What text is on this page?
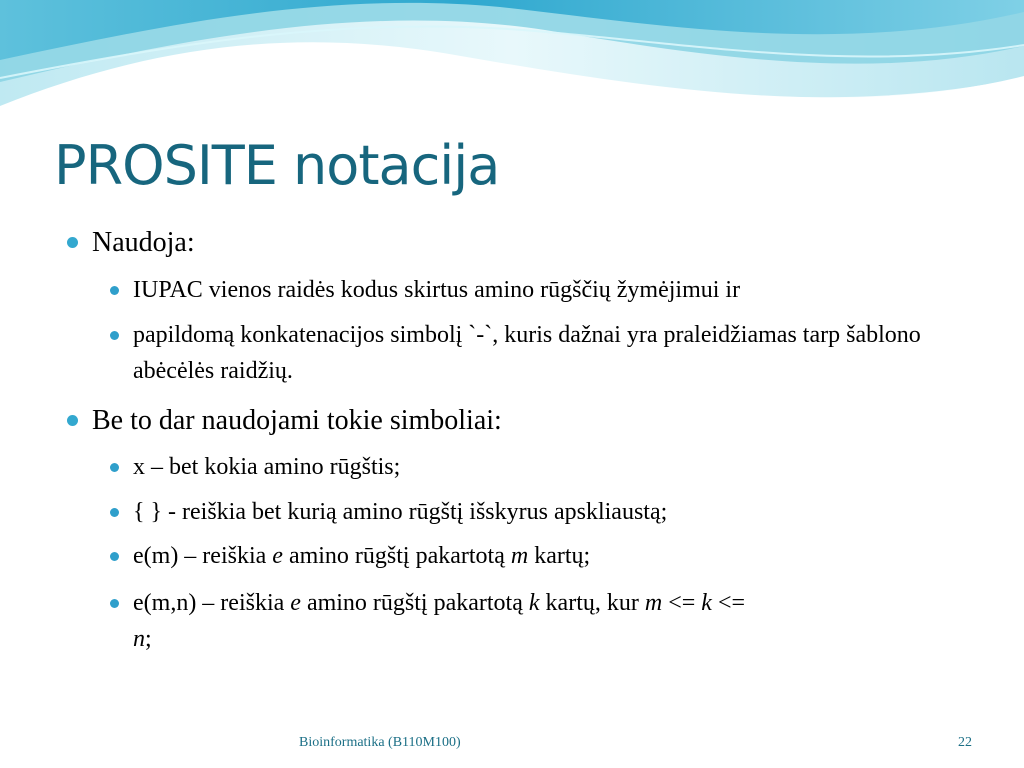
PROSITE notacija
Naudoja:
IUPAC vienos raidės kodus skirtus amino rūgščių žymėjimui ir
papildomą konkatenacijos simbolį `-`, kuris dažnai yra praleidžiamas tarp šablono abėcėlės raidžių.
Be to dar naudojami tokie simboliai:
x – bet kokia amino rūgštis;
{ } - reiškia bet kurią amino rūgštį išskyrus apskliaustą;
e(m) – reiškia e amino rūgštį pakartotą m kartų;
e(m,n) – reiškia e amino rūgštį pakartotą k kartų, kur m <= k <=
n;
Bioinformatika (B110M100)	22
